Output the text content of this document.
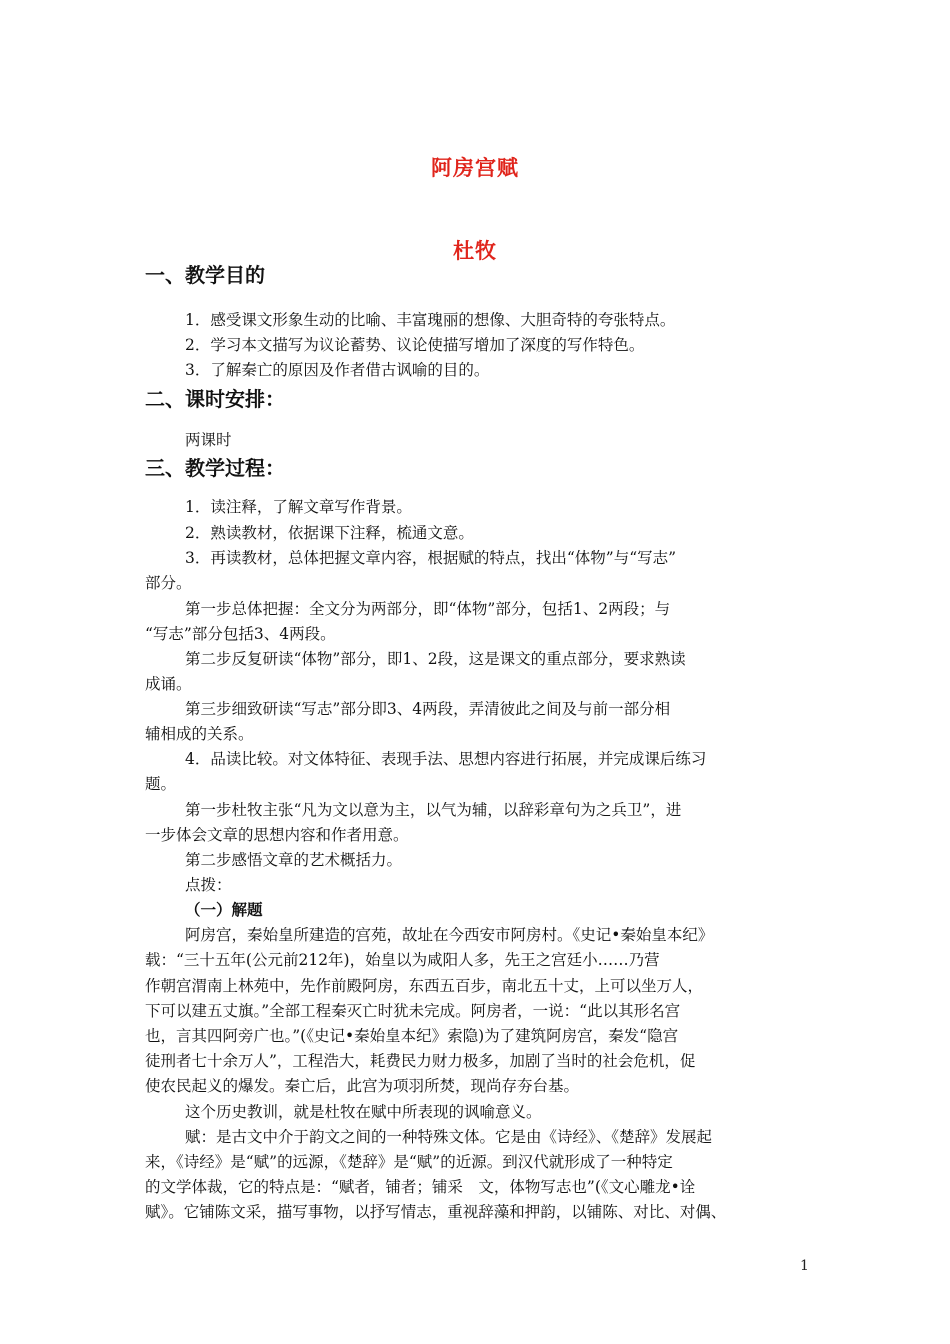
阿房宫赋
杜牧
一、教学目的
1．感受课文形象生动的比喻、丰富瑰丽的想像、大胆奇特的夸张特点。
2．学习本文描写为议论蓄势、议论使描写增加了深度的写作特色。
3．了解秦亡的原因及作者借古讽喻的目的。
二、课时安排：
两课时
三、教学过程：
1．读注释，了解文章写作背景。
2．熟读教材，依据课下注释，梳通文意。
3．再读教材，总体把握文章内容，根据赋的特点，找出“体物”与“写志”
部分。
第一步总体把握：全文分为两部分，即“体物”部分，包括1、2两段；与
“写志”部分包括3、4两段。
第二步反复研读“体物”部分，即1、2段，这是课文的重点部分，要求熟读
成诵。
第三步细致研读“写志”部分即3、4两段，弄清彼此之间及与前一部分相
辅相成的关系。
4．品读比较。对文体特征、表现手法、思想内容进行拓展，并完成课后练习
题。
第一步杜牧主张“凡为文以意为主，以气为辅，以辞彩章句为之兵卫”，进
一步体会文章的思想内容和作者用意。
第二步感悟文章的艺术概括力。
点拨：
（一）解题
阿房宫，秦始皇所建造的宫苑，故址在今西安市阿房村。《史记•秦始皇本纪》
载：“三十五年(公元前212年)，始皇以为咸阳人多，先王之宫廷小……乃营
作朝宫渭南上林苑中，先作前殿阿房，东西五百步，南北五十丈，上可以坐万人，
下可以建五丈旗。”全部工程秦灭亡时犹未完成。阿房者，一说：“此以其形名宫
也，言其四阿旁广也。”(《史记•秦始皇本纪》索隐)为了建筑阿房宫，秦发“隐宫
徒刑者七十余万人”，工程浩大，耗费民力财力极多，加剧了当时的社会危机，促
使农民起义的爆发。秦亡后，此宫为项羽所焚，现尚存夯台基。
这个历史教训，就是杜牧在赋中所表现的讽喻意义。
赋：是古文中介于韵文之间的一种特殊文体。它是由《诗经》、《楚辞》发展起
来，《诗经》是“赋”的远源，《楚辞》是“赋”的近源。到汉代就形成了一种特定
的文学体裁，它的特点是：“赋者，铺者；铺采　文，体物写志也”(《文心雕龙•诠
赋》。它铺陈文采，描写事物，以抒写情志，重视辞藻和押韵，以铺陈、对比、对偶、
1
